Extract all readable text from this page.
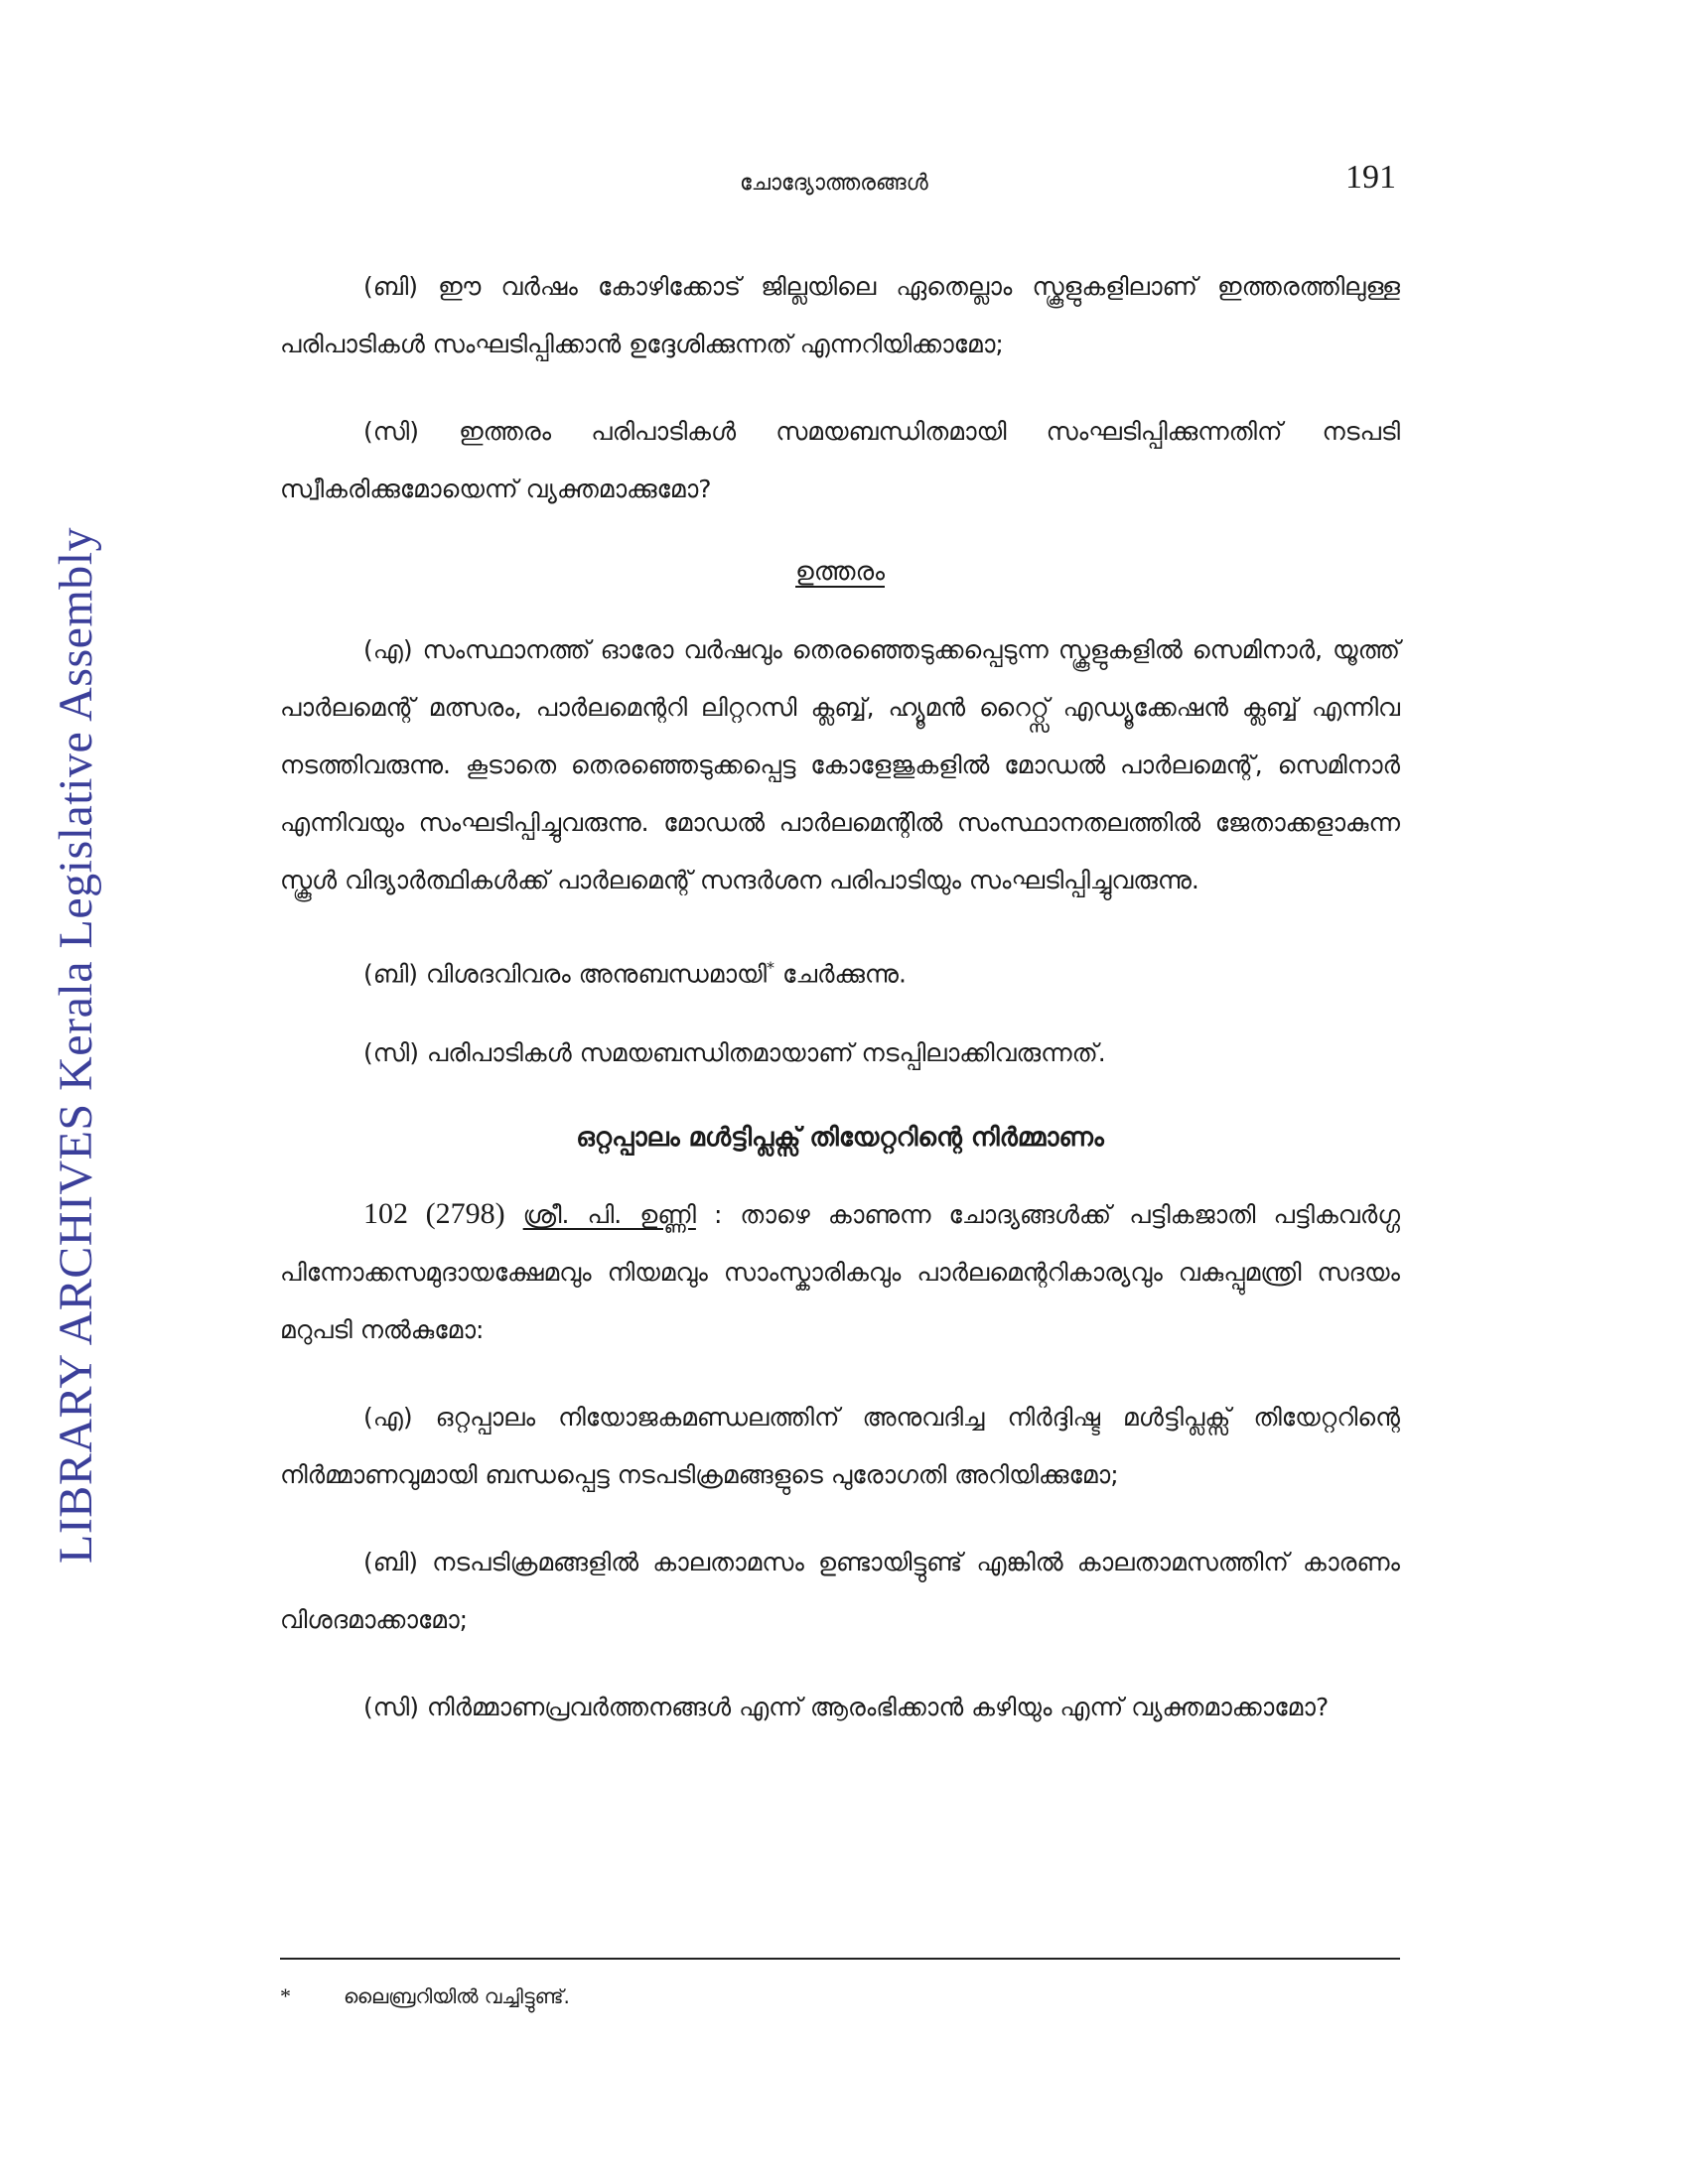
LIBRARY ARCHIVES Kerala Legislative Assembly
ചോദ്യോത്തരങ്ങൾ	191

(ബി) ഈ വർഷം കോഴിക്കോട് ജില്ലയിലെ ഏതെല്ലാം സ്കൂളുകളിലാണ് ഇത്തരത്തിലുള്ള പരിപാടികൾ സംഘടിപ്പിക്കാൻ ഉദ്ദേശിക്കുന്നത് എന്നറിയിക്കാമോ;

(സി) ഇത്തരം പരിപാടികൾ സമയബന്ധിതമായി സംഘടിപ്പിക്കുന്നതിന് നടപടി സ്വീകരിക്കുമോയെന്ന് വ്യക്തമാക്കുമോ?

ഉത്തരം

(എ) സംസ്ഥാനത്ത് ഓരോ വർഷവും തെരഞ്ഞെടുക്കപ്പെടുന്ന സ്കൂളുകളിൽ സെമിനാർ, യൂത്ത് പാർലമെന്റ് മത്സരം, പാർലമെന്ററി ലിറ്ററസി ക്ലബ്ബ്, ഹ്യൂമൻ റൈറ്റ്സ് എഡ്യൂക്കേഷൻ ക്ലബ്ബ് എന്നിവ നടത്തിവരുന്നു. കൂടാതെ തെരഞ്ഞെടുക്കപ്പെട്ട കോളേജുകളിൽ മോഡൽ പാർലമെന്റ്, സെമിനാർ എന്നിവയും സംഘടിപ്പിച്ചുവരുന്നു. മോഡൽ പാർലമെന്റിൽ സംസ്ഥാനതലത്തിൽ ജേതാക്കളാകുന്ന സ്കൂൾ വിദ്യാർത്ഥികൾക്ക് പാർലമെന്റ് സന്ദർശന പരിപാടിയും സംഘടിപ്പിച്ചുവരുന്നു.

(ബി) വിശദവിവരം അനുബന്ധമായി* ചേർക്കുന്നു.

(സി) പരിപാടികൾ സമയബന്ധിതമായാണ് നടപ്പിലാക്കിവരുന്നത്.

ഒറ്റപ്പാലം മൾട്ടിപ്ലക്സ് തിയേറ്ററിന്റെ നിർമ്മാണം

102 (2798) ശ്രീ. പി. ഉണ്ണി : താഴെ കാണുന്ന ചോദ്യങ്ങൾക്ക് പട്ടികജാതി പട്ടികവർഗ്ഗ പിന്നോക്കസമുദായക്ഷേമവും നിയമവും സാംസ്കാരികവും പാർലമെന്ററികാര്യവും വകുപ്പുമന്ത്രി സദയം മറുപടി നൽകുമോ:

(എ) ഒറ്റപ്പാലം നിയോജകമണ്ഡലത്തിന് അനുവദിച്ച നിർദ്ദിഷ്ട മൾട്ടിപ്ലക്സ് തിയേറ്ററിന്റെ നിർമ്മാണവുമായി ബന്ധപ്പെട്ട നടപടിക്രമങ്ങളുടെ പുരോഗതി അറിയിക്കുമോ;

(ബി) നടപടിക്രമങ്ങളിൽ കാലതാമസം ഉണ്ടായിട്ടുണ്ട് എങ്കിൽ കാലതാമസത്തിന് കാരണം വിശദമാക്കാമോ;

(സി) നിർമ്മാണപ്രവർത്തനങ്ങൾ എന്ന് ആരംഭിക്കാൻ കഴിയും എന്ന് വ്യക്തമാക്കാമോ?

*	ലൈബ്രറിയിൽ വച്ചിട്ടുണ്ട്.
